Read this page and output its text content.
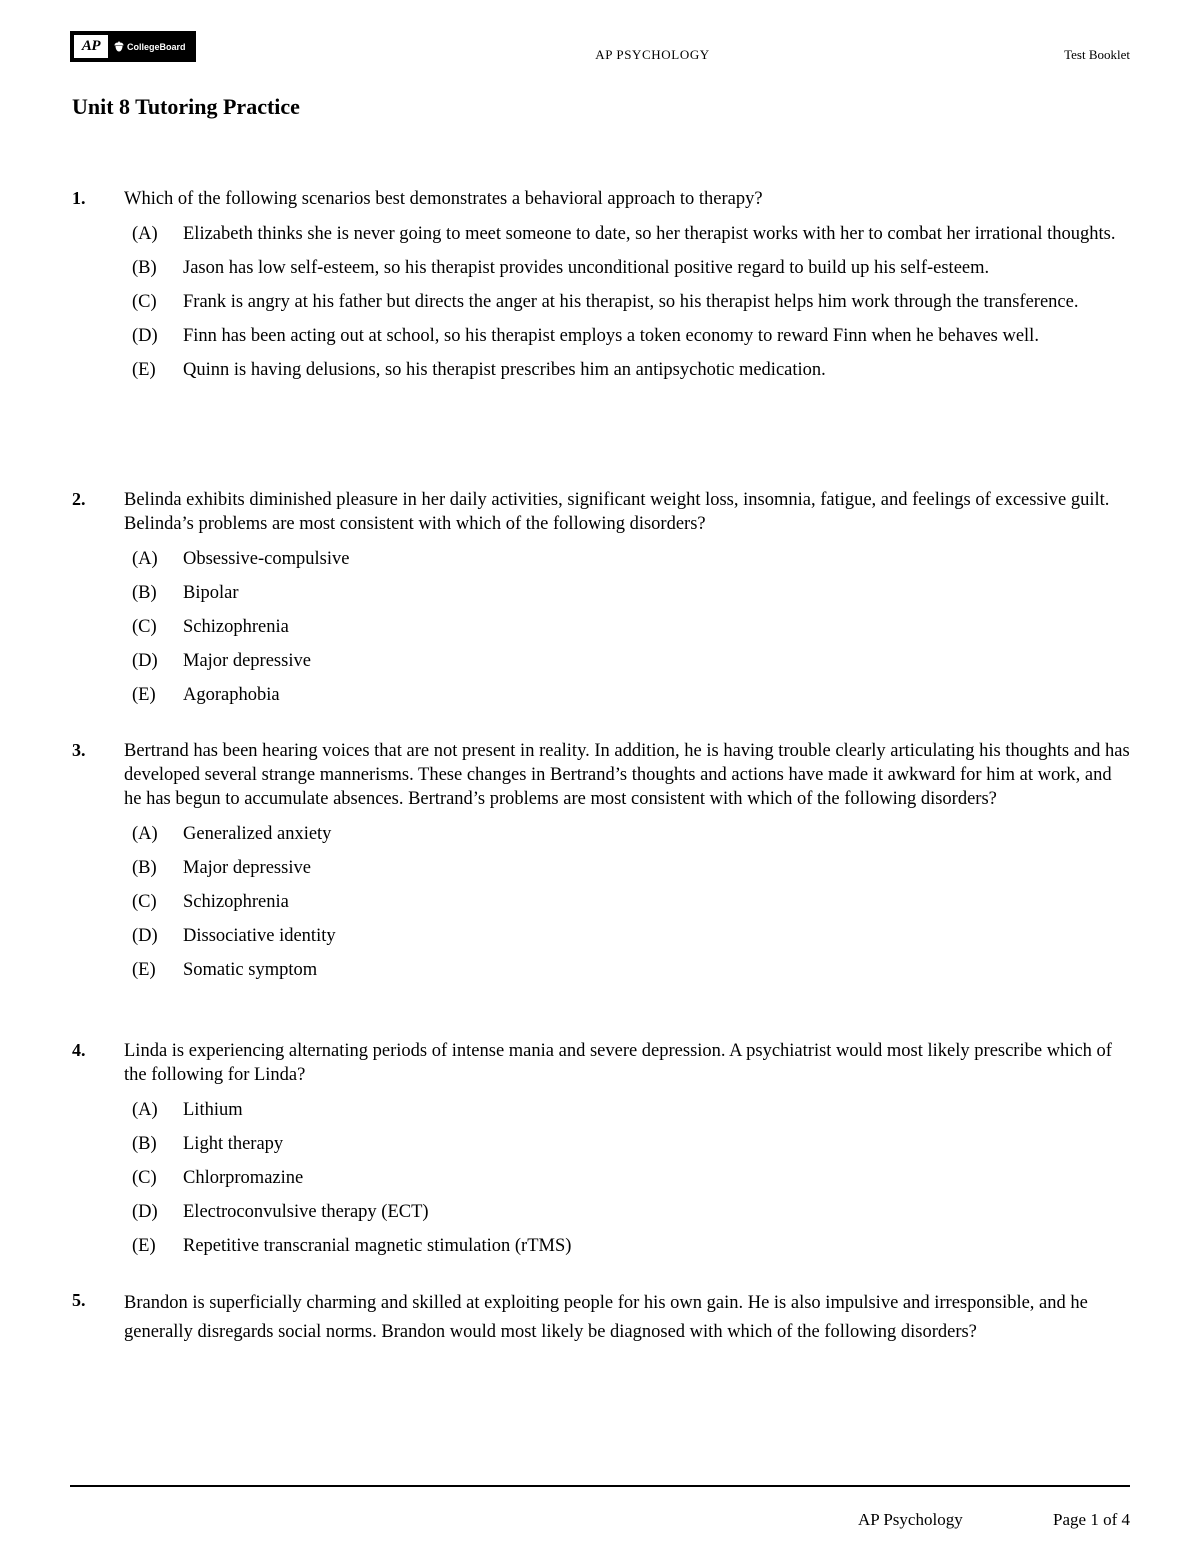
AP	CollegeBoard
AP PSYCHOLOGY	Test Booklet
Unit 8 Tutoring Practice
1. Which of the following scenarios best demonstrates a behavioral approach to therapy?
(A)	Elizabeth thinks she is never going to meet someone to date, so her therapist works with her to combat her irrational thoughts.
(B)	Jason has low self-esteem, so his therapist provides unconditional positive regard to build up his self-esteem.
(C)	Frank is angry at his father but directs the anger at his therapist, so his therapist helps him work through the transference.
(D)	Finn has been acting out at school, so his therapist employs a token economy to reward Finn when he behaves well.
(E)	Quinn is having delusions, so his therapist prescribes him an antipsychotic medication.
2. Belinda exhibits diminished pleasure in her daily activities, significant weight loss, insomnia, fatigue, and feelings of excessive guilt. Belinda’s problems are most consistent with which of the following disorders?
(A)	Obsessive-compulsive
(B)	Bipolar
(C)	Schizophrenia
(D)	Major depressive
(E)	Agoraphobia
3. Bertrand has been hearing voices that are not present in reality. In addition, he is having trouble clearly articulating his thoughts and has developed several strange mannerisms. These changes in Bertrand’s thoughts and actions have made it awkward for him at work, and he has begun to accumulate absences. Bertrand’s problems are most consistent with which of the following disorders?
(A)	Generalized anxiety
(B)	Major depressive
(C)	Schizophrenia
(D)	Dissociative identity
(E)	Somatic symptom
4. Linda is experiencing alternating periods of intense mania and severe depression. A psychiatrist would most likely prescribe which of the following for Linda?
(A)	Lithium
(B)	Light therapy
(C)	Chlorpromazine
(D)	Electroconvulsive therapy (ECT)
(E)	Repetitive transcranial magnetic stimulation (rTMS)
5. Brandon is superficially charming and skilled at exploiting people for his own gain. He is also impulsive and irresponsible, and he generally disregards social norms. Brandon would most likely be diagnosed with which of the following disorders?
AP Psychology	Page 1 of 4
